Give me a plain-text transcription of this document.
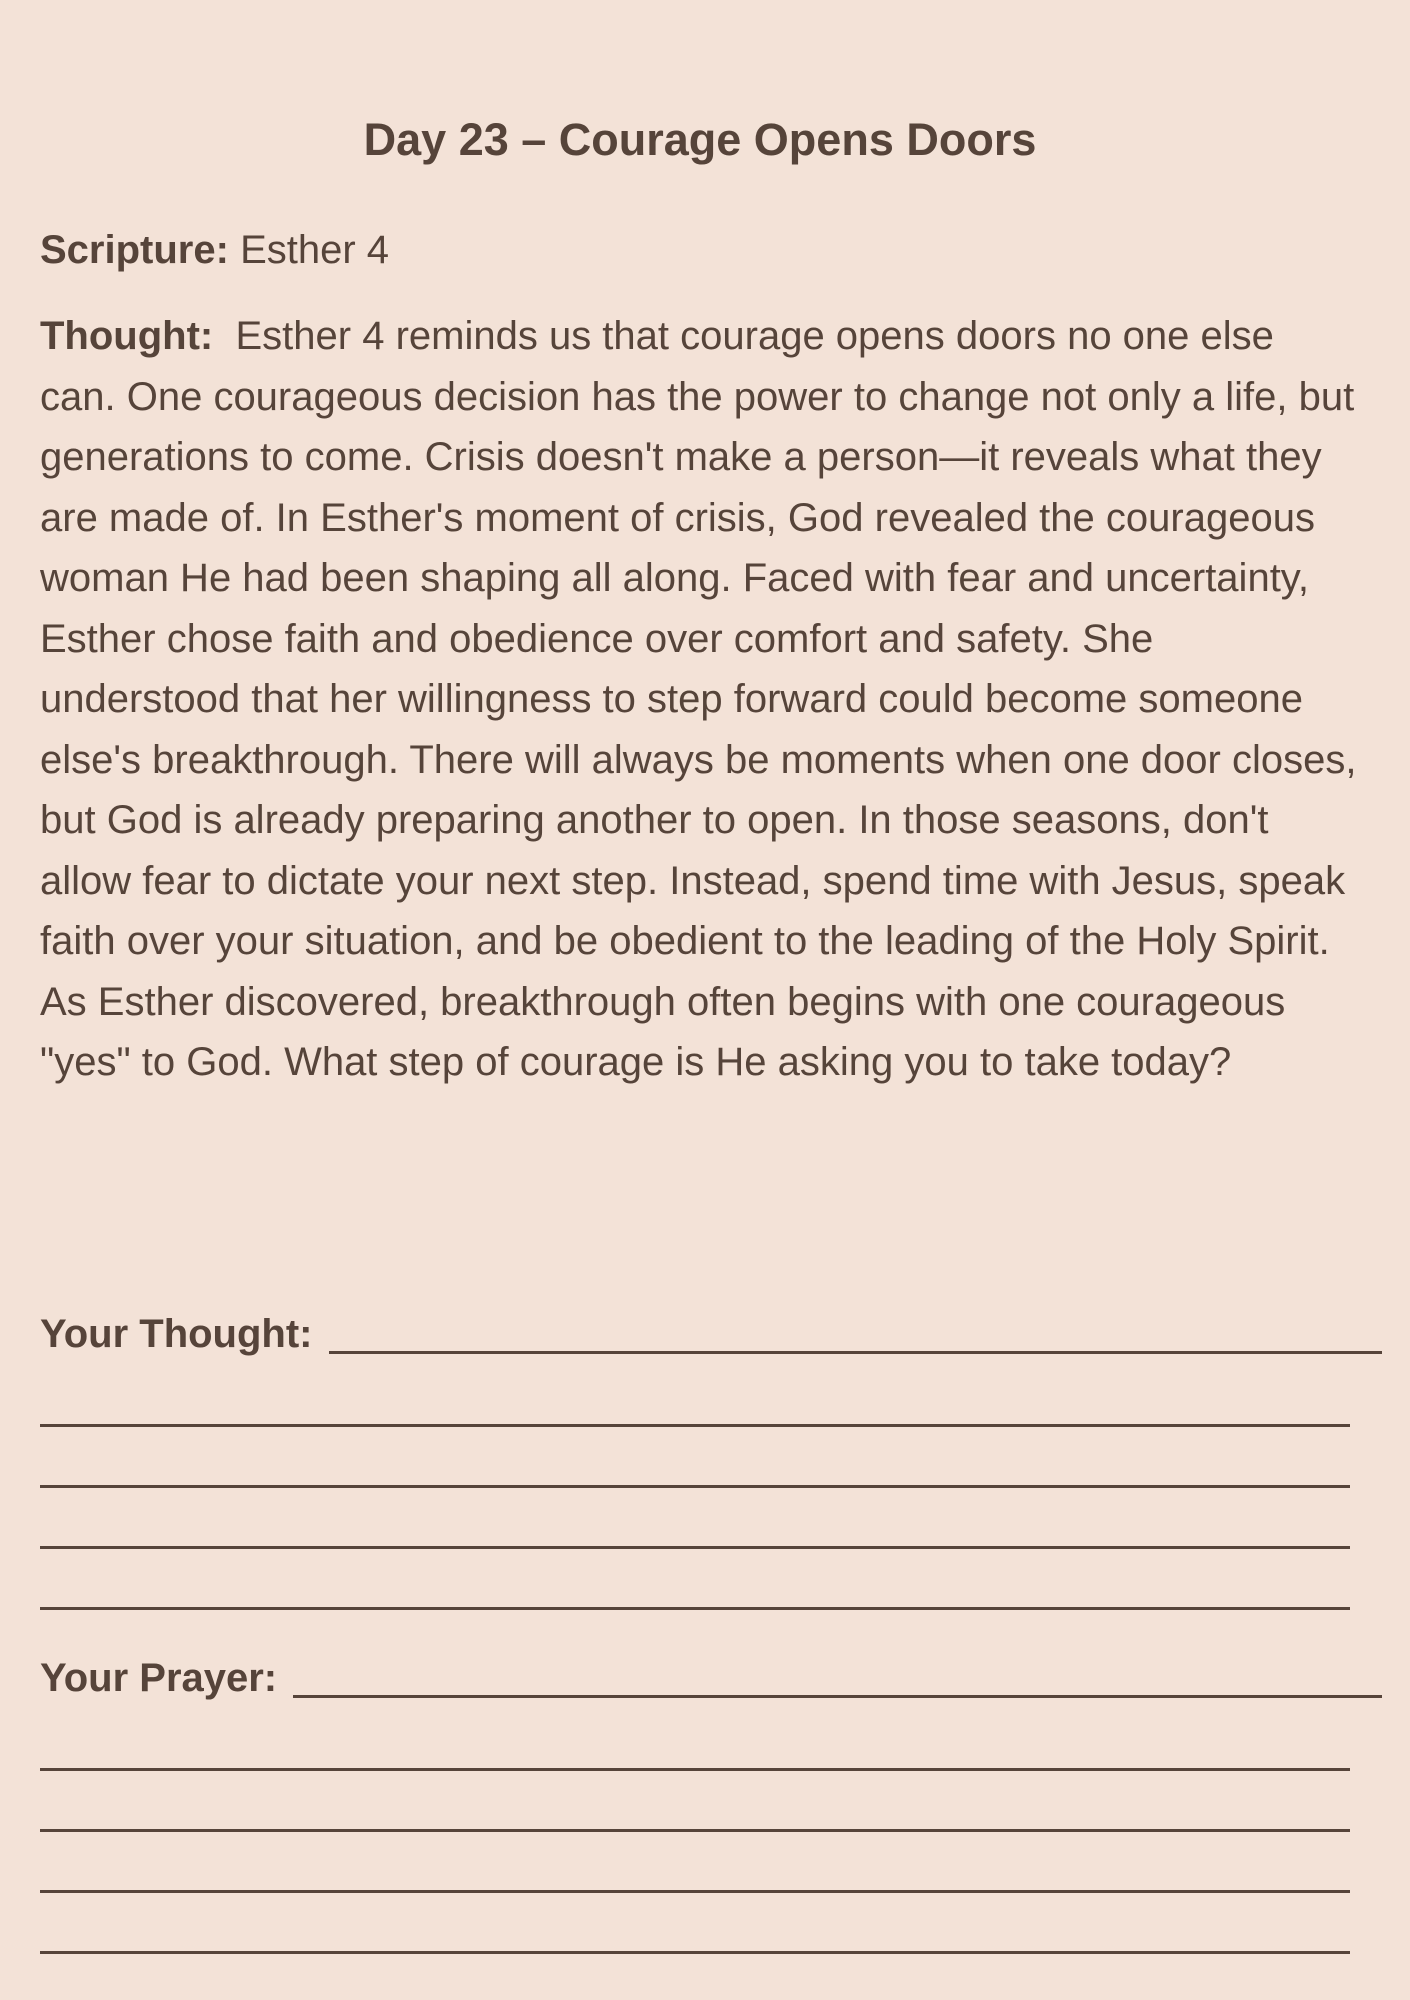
Day 23 – Courage Opens Doors

Scripture: Esther 4

Thought: Esther 4 reminds us that courage opens doors no one else can. One courageous decision has the power to change not only a life, but generations to come. Crisis doesn't make a person—it reveals what they are made of. In Esther's moment of crisis, God revealed the courageous woman He had been shaping all along. Faced with fear and uncertainty, Esther chose faith and obedience over comfort and safety. She understood that her willingness to step forward could become someone else's breakthrough. There will always be moments when one door closes, but God is already preparing another to open. In those seasons, don't allow fear to dictate your next step. Instead, spend time with Jesus, speak faith over your situation, and be obedient to the leading of the Holy Spirit. As Esther discovered, breakthrough often begins with one courageous "yes" to God. What step of courage is He asking you to take today?

Your Thought:
Your Prayer:
